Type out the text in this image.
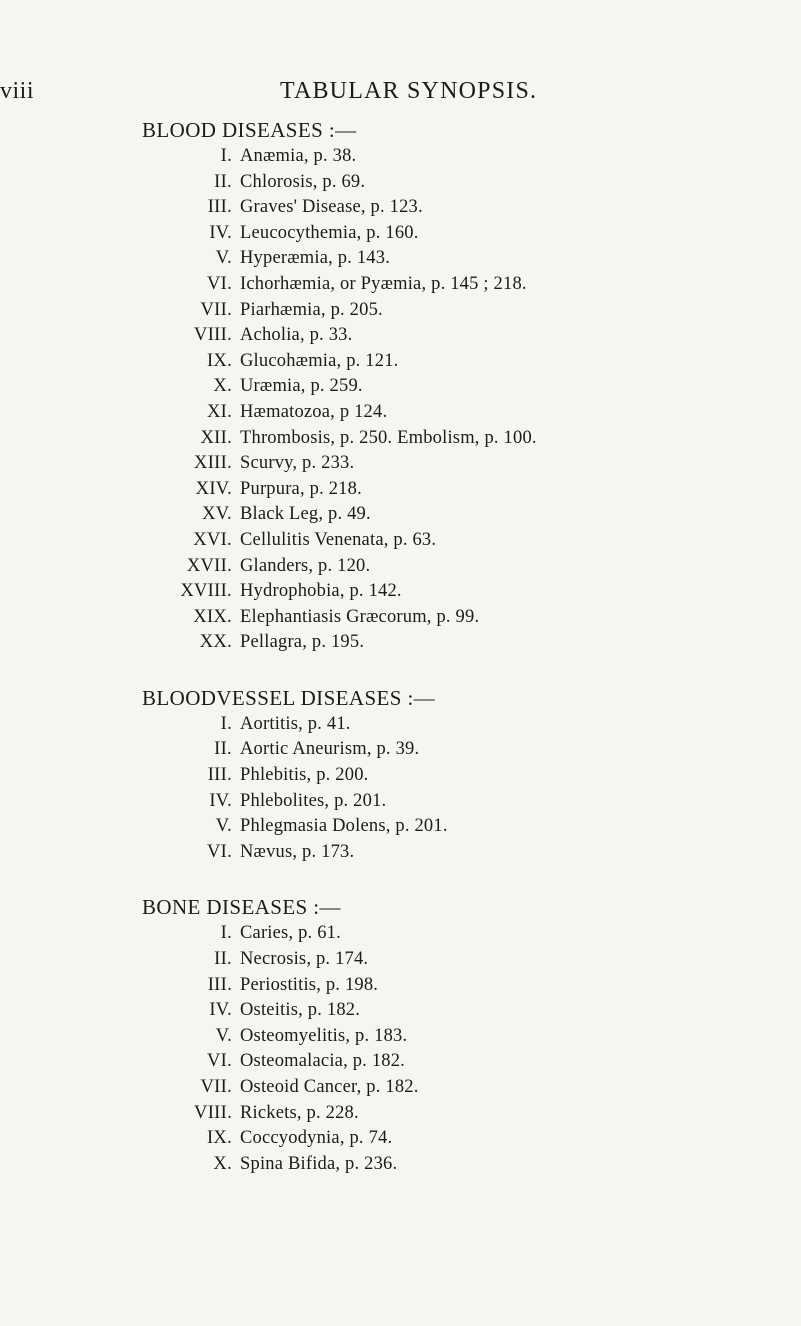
viii	TABULAR SYNOPSIS.
BLOOD DISEASES :—
I. Anæmia, p. 38.
II. Chlorosis, p. 69.
III. Graves' Disease, p. 123.
IV. Leucocythemia, p. 160.
V. Hyperæmia, p. 143.
VI. Ichorhæmia, or Pyæmia, p. 145 ; 218.
VII. Piarhæmia, p. 205.
VIII. Acholia, p. 33.
IX. Glucohæmia, p. 121.
X. Uræmia, p. 259.
XI. Hæmatozoa, p 124.
XII. Thrombosis, p. 250. Embolism, p. 100.
XIII. Scurvy, p. 233.
XIV. Purpura, p. 218.
XV. Black Leg, p. 49.
XVI. Cellulitis Venenata, p. 63.
XVII. Glanders, p. 120.
XVIII. Hydrophobia, p. 142.
XIX. Elephantiasis Græcorum, p. 99.
XX. Pellagra, p. 195.
BLOODVESSEL DISEASES :—
I. Aortitis, p. 41.
II. Aortic Aneurism, p. 39.
III. Phlebitis, p. 200.
IV. Phlebolites, p. 201.
V. Phlegmasia Dolens, p. 201.
VI. Nævus, p. 173.
BONE DISEASES :—
I. Caries, p. 61.
II. Necrosis, p. 174.
III. Periostitis, p. 198.
IV. Osteitis, p. 182.
V. Osteomyelitis, p. 183.
VI. Osteomalacia, p. 182.
VII. Osteoid Cancer, p. 182.
VIII. Rickets, p. 228.
IX. Coccyodynia, p. 74.
X. Spina Bifida, p. 236.
